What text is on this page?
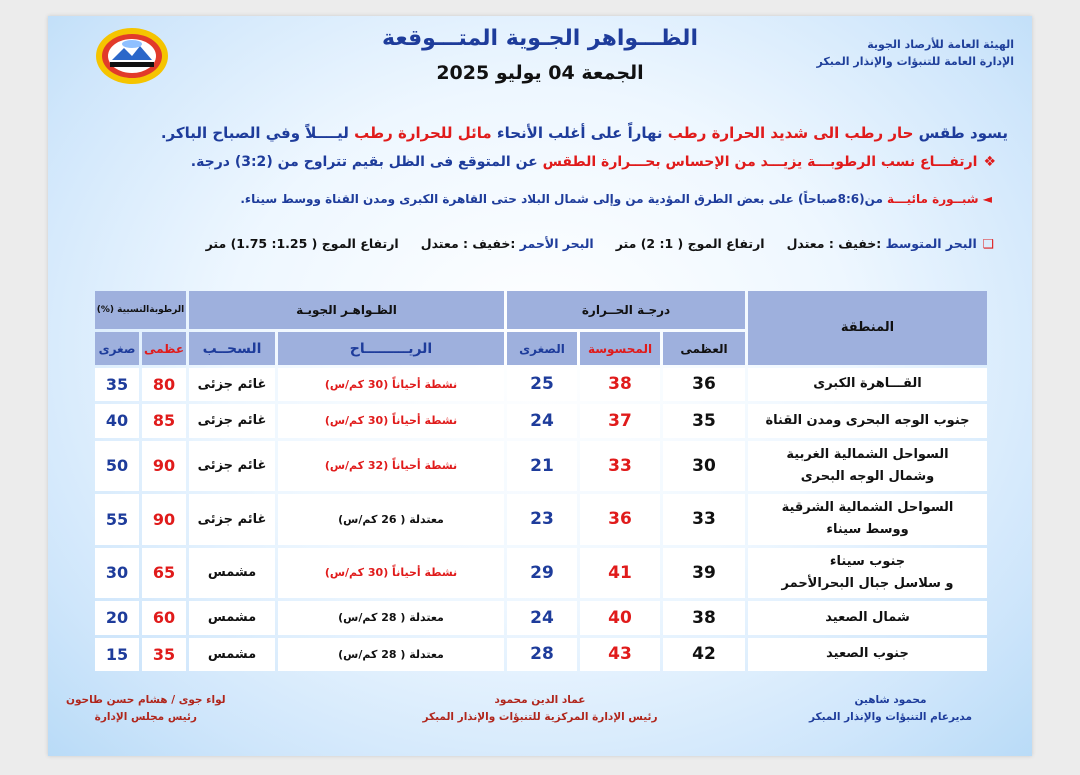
الهيئة العامة للأرصاد الجوية
الإدارة العامة للتنبؤات والإنذار المبكر
الظـــواهر الجـوية المتـــوقعة
الجمعة 04 يوليو 2025
يسود طقس حار رطب الى شديد الحرارة رطب نهاراً على أغلب الأنحاء مائل للحرارة رطب ليــــلاً وفي الصباح الباكر.
❖ارتفـــاع نسب الرطوبـــة يزيـــد من الإحساس بحـــرارة الطقس عن المتوقع فى الظل بقيم تتراوح من (3:2) درجة.
◄ شبــورة مائيـــة من(8:6صباحاً) على بعض الطرق المؤدية من وإلى شمال البلاد حتى القاهرة الكبرى ومدن القناة ووسط سيناء.
❑البحر المتوسط :خفيف : معتدلارتفاع الموج ( 1: 2) مترالبحر الأحمر :خفيف : معتدلارتفاع الموج ( 1.25: 1.75) متر
المنطقة	درجـة الحــرارة			الظـواهـر الجويـة		الرطوبةالنسبية (%)	
	العظمى	المحسوسة	الصغرى	الريـــــــــاح	السحــب	عظمى	صغرى

القـــاهرة الكبرى	36	38	25	نشطة أحياناً (30 كم/س)	غائم جزئى	80	35

جنوب الوجه البحرى ومدن القناة	35	37	24	نشطة أحياناً (30 كم/س)	غائم جزئى	85	40

السواحل الشمالية الغربية
وشمال الوجه البحرى	30	33	21	نشطة أحياناً (32 كم/س)	غائم جزئى	90	50

السواحل الشمالية الشرقية
ووسط سيناء	33	36	23	معتدلة ( 26 كم/س)	غائم جزئى	90	55

جنوب سيناء
و سلاسل جبال البحرالأحمر	39	41	29	نشطة أحياناً (30 كم/س)	مشمس	65	30

شمال الصعيد	38	40	24	معتدلة ( 28 كم/س)	مشمس	60	20

جنوب الصعيد	42	43	28	معتدلة ( 28 كم/س)	مشمس	35	15
محمود شاهين
مديرعام التنبؤات والإنذار المبكر
عماد الدين محمود
رئيس الإدارة المركزية للتنبؤات والإنذار المبكر
لواء جوى / هشام حسن طاحون
رئيس مجلس الإدارة
